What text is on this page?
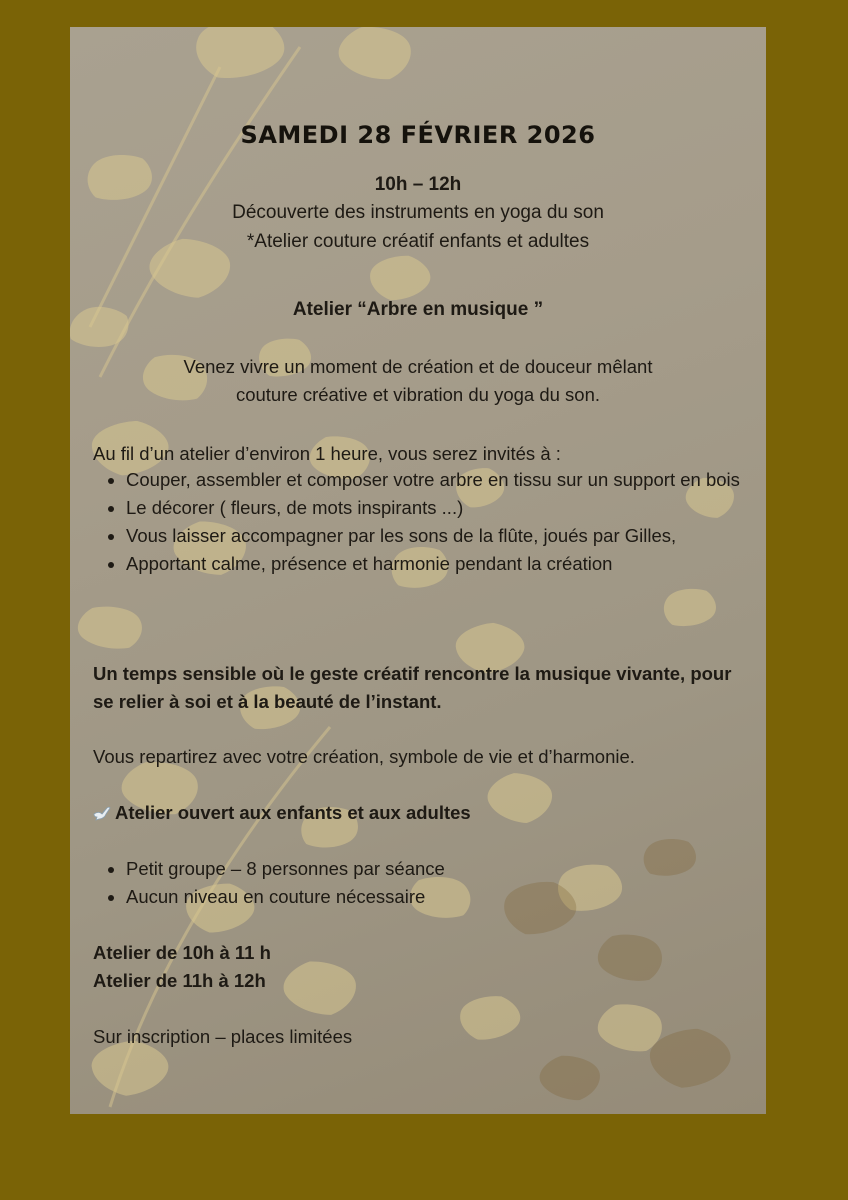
SAMEDI 28 FÉVRIER 2026
10h – 12h
Découverte des instruments en yoga du son
*Atelier couture créatif enfants et adultes
Atelier “Arbre en musique ”
Venez vivre un moment de création et de douceur mêlant
couture créative et vibration du yoga du son.
Au fil d’un atelier d’environ 1 heure, vous serez invités à :
• Couper, assembler et composer votre arbre en tissu sur un support en bois
• Le décorer ( fleurs, de mots inspirants ...)
• Vous laisser accompagner par les sons de la flûte, joués par Gilles,
• Apportant calme, présence et harmonie pendant la création
Un temps sensible où le geste créatif rencontre la musique vivante, pour se relier à soi et à la beauté de l’instant.
Vous repartirez avec votre création, symbole de vie et d’harmonie.
Atelier ouvert aux enfants et aux adultes
• Petit groupe – 8 personnes par séance
• Aucun niveau en couture nécessaire
Atelier de 10h à 11 h
Atelier de 11h à 12h
Sur inscription – places limitées
